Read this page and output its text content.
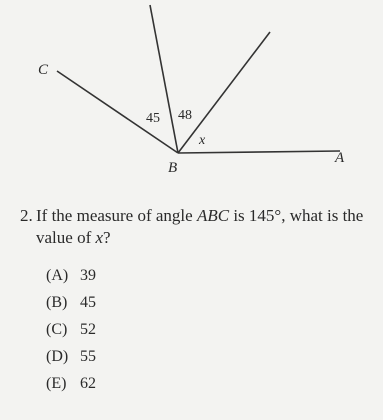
C
B
A
45 48
x
2. If the measure of angle ABC is 145°, what is the value of x?
(A) 39
(B) 45
(C) 52
(D) 55
(E) 62
